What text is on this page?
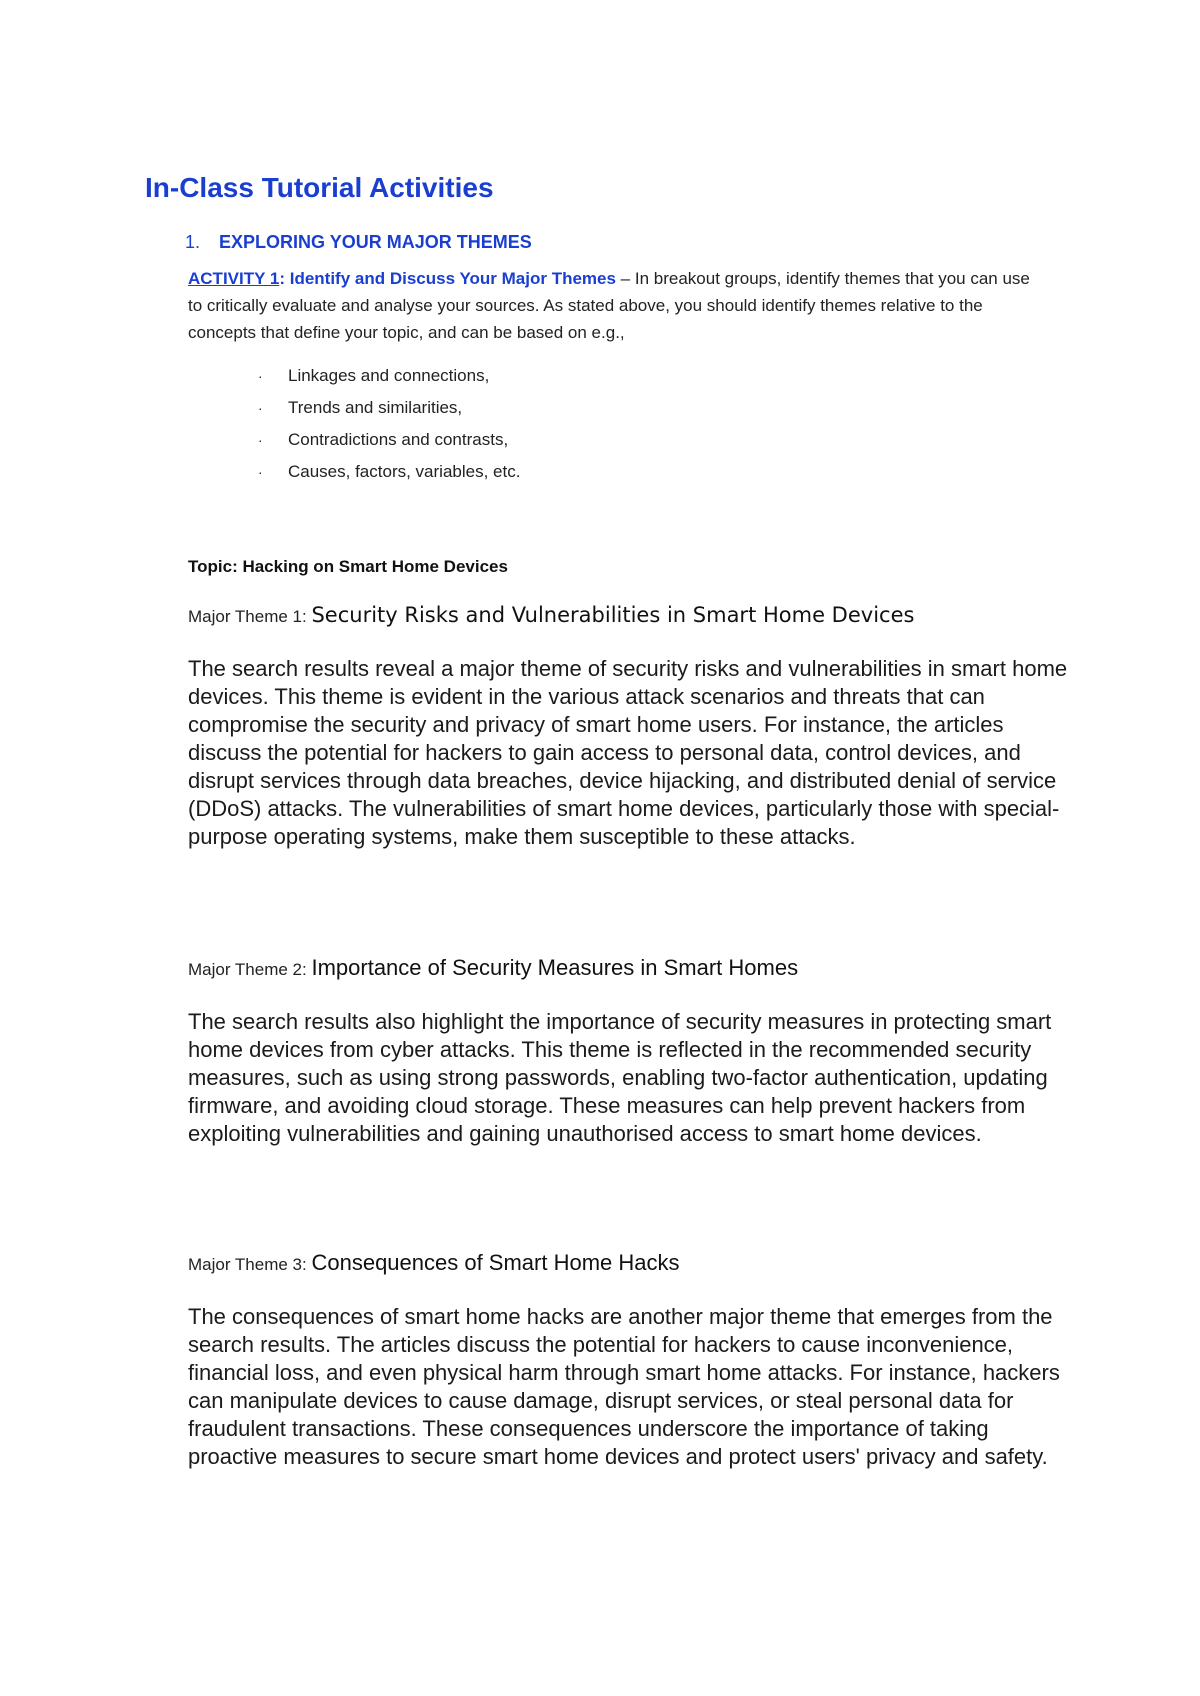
In-Class Tutorial Activities
1. EXPLORING YOUR MAJOR THEMES
ACTIVITY 1: Identify and Discuss Your Major Themes – In breakout groups, identify themes that you can use to critically evaluate and analyse your sources. As stated above, you should identify themes relative to the concepts that define your topic, and can be based on e.g.,
· Linkages and connections,
· Trends and similarities,
· Contradictions and contrasts,
· Causes, factors, variables, etc.
Topic: Hacking on Smart Home Devices
Major Theme 1: Security Risks and Vulnerabilities in Smart Home Devices

The search results reveal a major theme of security risks and vulnerabilities in smart home devices. This theme is evident in the various attack scenarios and threats that can compromise the security and privacy of smart home users. For instance, the articles discuss the potential for hackers to gain access to personal data, control devices, and disrupt services through data breaches, device hijacking, and distributed denial of service (DDoS) attacks. The vulnerabilities of smart home devices, particularly those with special-purpose operating systems, make them susceptible to these attacks.

Major Theme 2: Importance of Security Measures in Smart Homes

The search results also highlight the importance of security measures in protecting smart home devices from cyber attacks. This theme is reflected in the recommended security measures, such as using strong passwords, enabling two-factor authentication, updating firmware, and avoiding cloud storage. These measures can help prevent hackers from exploiting vulnerabilities and gaining unauthorised access to smart home devices.

Major Theme 3: Consequences of Smart Home Hacks

The consequences of smart home hacks are another major theme that emerges from the search results. The articles discuss the potential for hackers to cause inconvenience, financial loss, and even physical harm through smart home attacks. For instance, hackers can manipulate devices to cause damage, disrupt services, or steal personal data for fraudulent transactions. These consequences underscore the importance of taking proactive measures to secure smart home devices and protect users' privacy and safety.
